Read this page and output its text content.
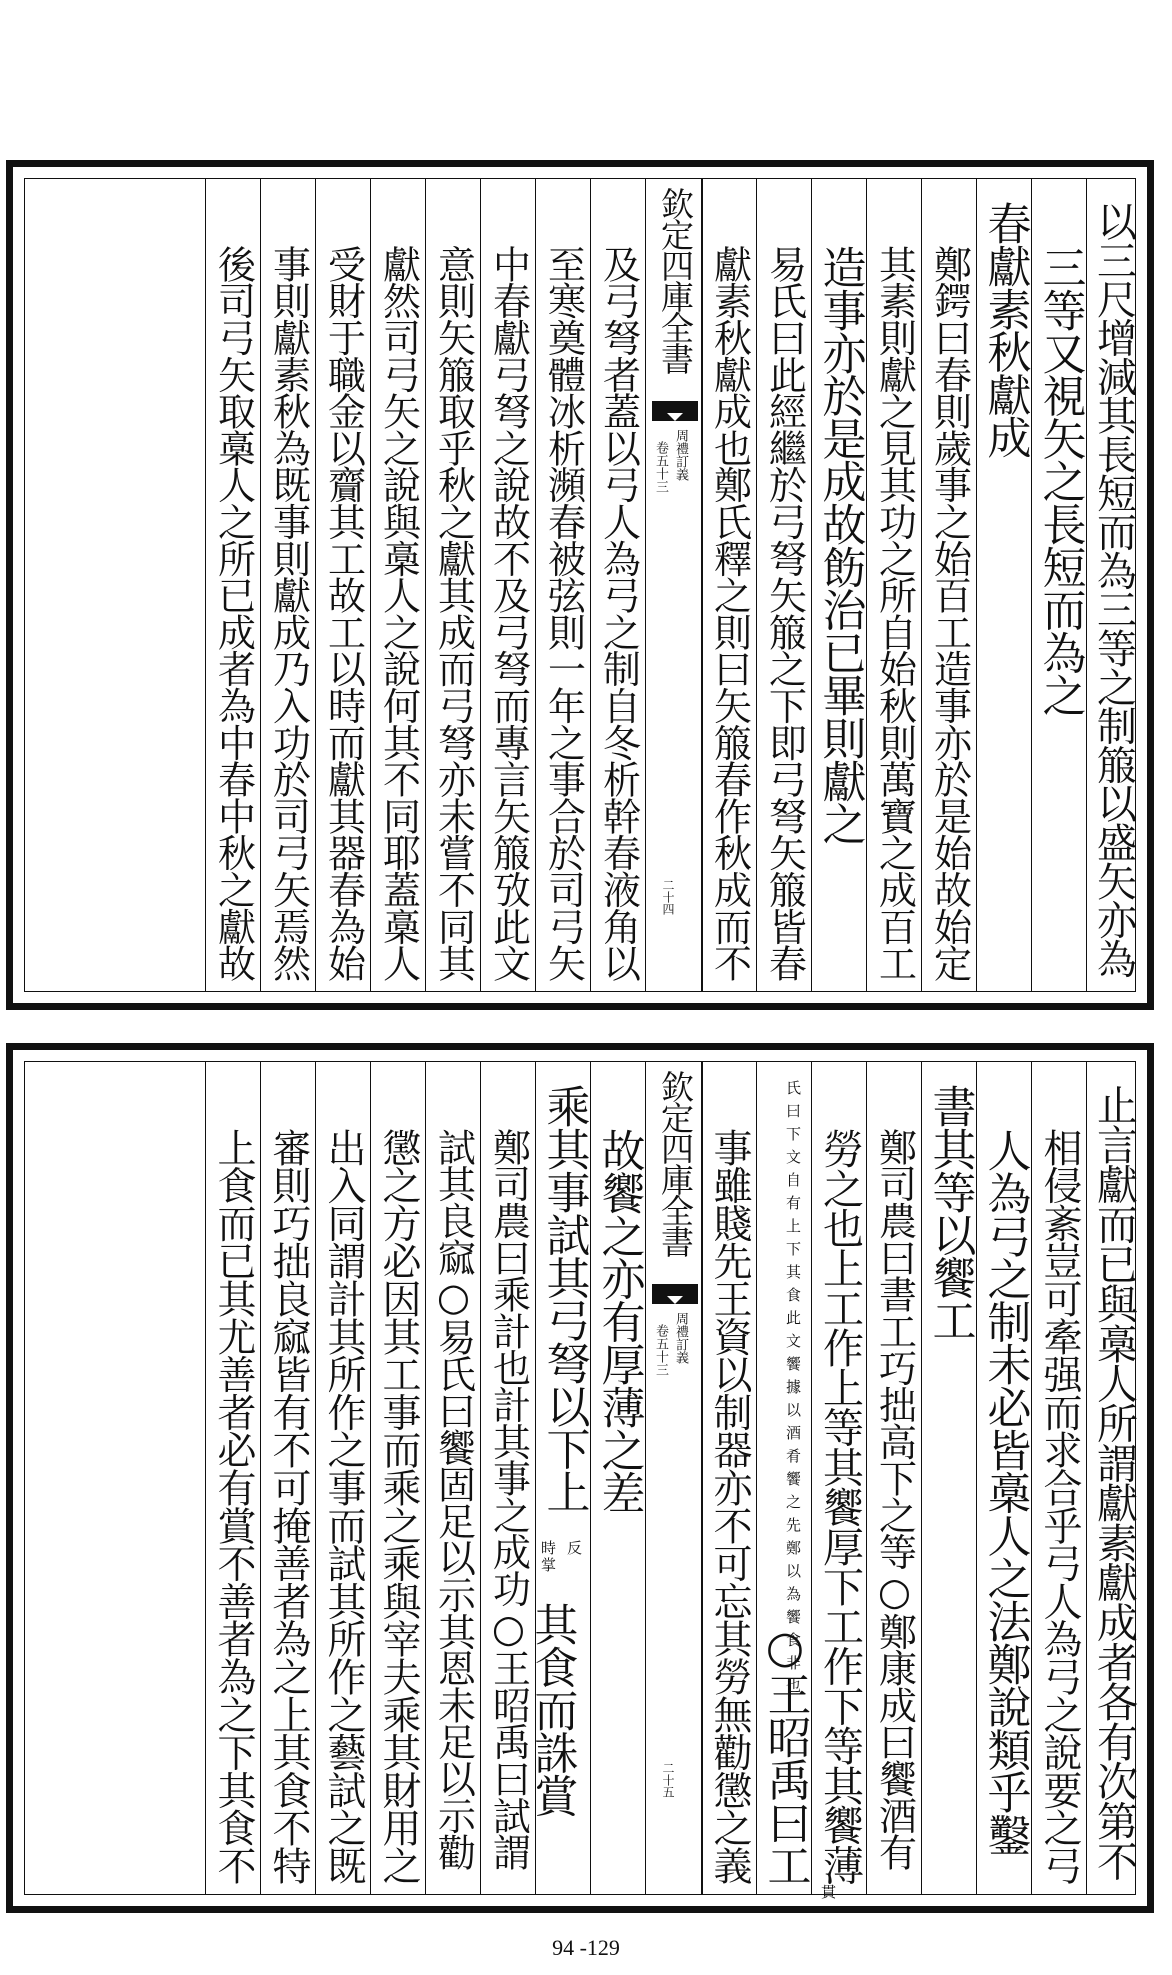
以三尺增減其長短而為三等之制箙以盛矢亦為
三等又視矢之長短而為之
春獻素秋獻成
鄭鍔曰春則歲事之始百工造事亦於是始故始定
其素則獻之見其功之所自始秋則萬寶之成百工
造事亦於是成故飭治已畢則獻之
易氏曰此經繼於弓弩矢箙之下即弓弩矢箙皆春
獻素秋獻成也鄭氏釋之則曰矢箙春作秋成而不
欽定四庫全書
周禮訂義
卷五十三
二十四
及弓弩者蓋以弓人為弓之制自冬析幹春液角以
至寒奠體冰析瀕春被弦則一年之事合於司弓矢
中春獻弓弩之說故不及弓弩而專言矢箙攷此文
意則矢箙取乎秋之獻其成而弓弩亦未嘗不同其
獻然司弓矢之說與槀人之說何其不同耶蓋槀人
受財于職金以齎其工故工以時而獻其器春為始
事則獻素秋為既事則獻成乃入功於司弓矢焉然
後司弓矢取槀人之所已成者為中春中秋之獻故
止言獻而已與槀人所謂獻素獻成者各有次第不
相侵紊豈可牽强而求合乎弓人為弓之說要之弓
人為弓之制未必皆槀人之法鄭說類乎鑿
書其等以饗工
鄭司農曰書工巧拙高下之等○鄭康成曰饗酒有
勞之也上工作上等其饗厚下工作下等其饗薄
貫
氏曰下文自有上下其食此文饗據以酒肴饗之先鄭以為饗食非也
○王昭禹曰工
事雖賤先王資以制器亦不可忘其勞無勸懲之義
欽定四庫全書
周禮訂義
卷五十三
二十五
故饗之亦有厚薄之差
乘其事試其弓弩以下上
時掌 反
其食而誅賞
鄭司農曰乘計也計其事之成功○王昭禹曰試謂
試其良窳○易氏曰饗固足以示其恩未足以示勸
懲之方必因其工事而乘之乘與宰夫乘其財用之
出入同謂計其所作之事而試其所作之藝試之既
審則巧拙良窳皆有不可掩善者為之上其食不特
上食而已其尤善者必有賞不善者為之下其食不
94 -129
